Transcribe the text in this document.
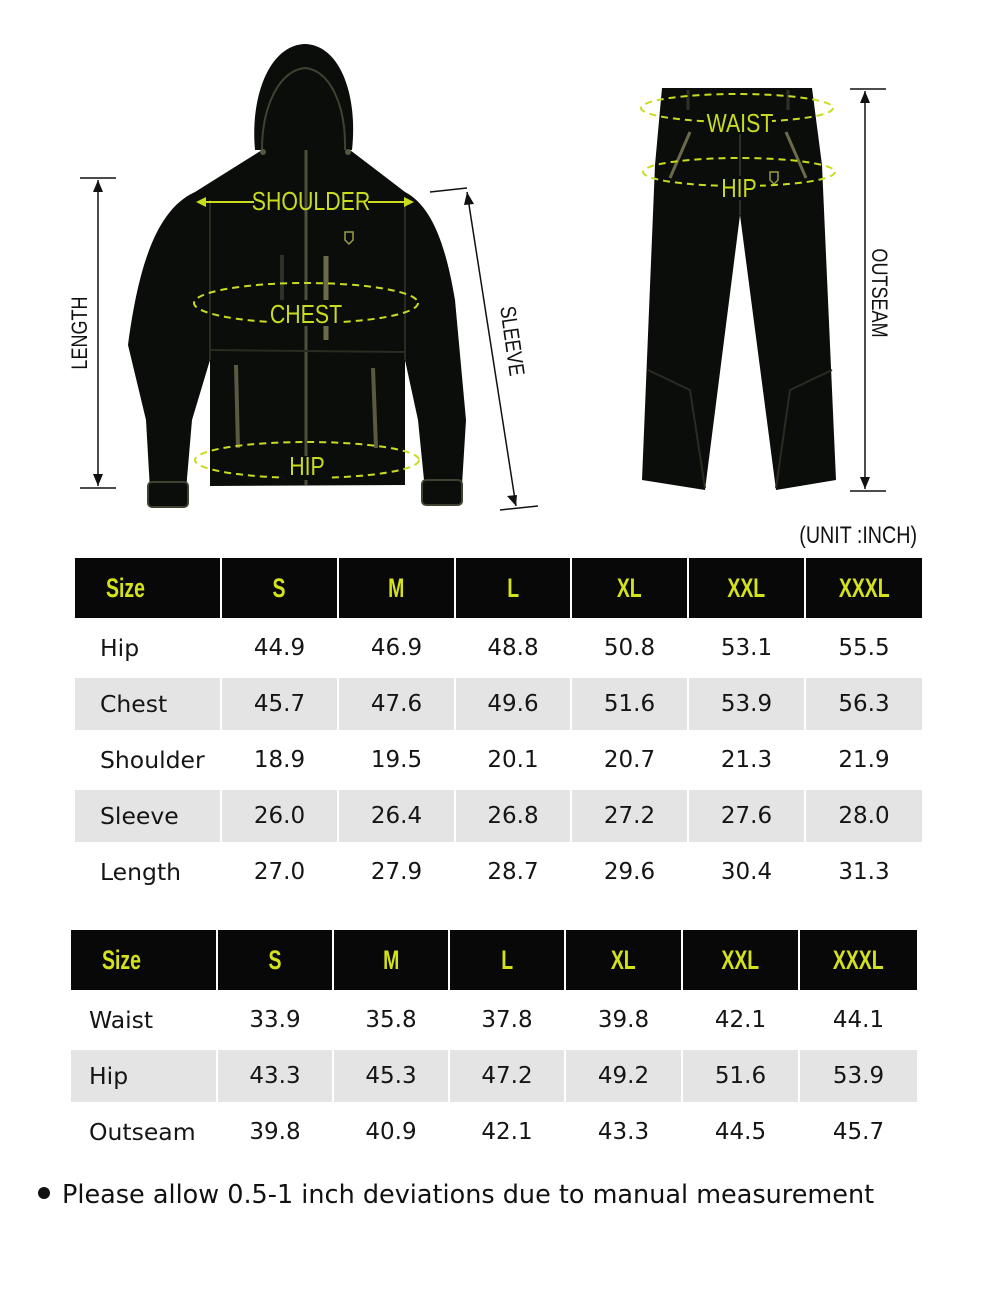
SHOULDER
CHEST
HIP
LENGTH	SLEEVE
WAIST
HIP
OUTSEAM
(UNIT :INCH)
Size	S	M	L	XL	XXL	XXXL

Hip	44.9	46.9	48.8	50.8	53.1	55.5

Chest	45.7	47.6	49.6	51.6	53.9	56.3

Shoulder	18.9	19.5	20.1	20.7	21.3	21.9

Sleeve	26.0	26.4	26.8	27.2	27.6	28.0

Length	27.0	27.9	28.7	29.6	30.4	31.3
Size	S	M	L	XL	XXL	XXXL

Waist	33.9	35.8	37.8	39.8	42.1	44.1

Hip	43.3	45.3	47.2	49.2	51.6	53.9

Outseam	39.8	40.9	42.1	43.3	44.5	45.7
Please allow 0.5-1 inch deviations due to manual measurement
